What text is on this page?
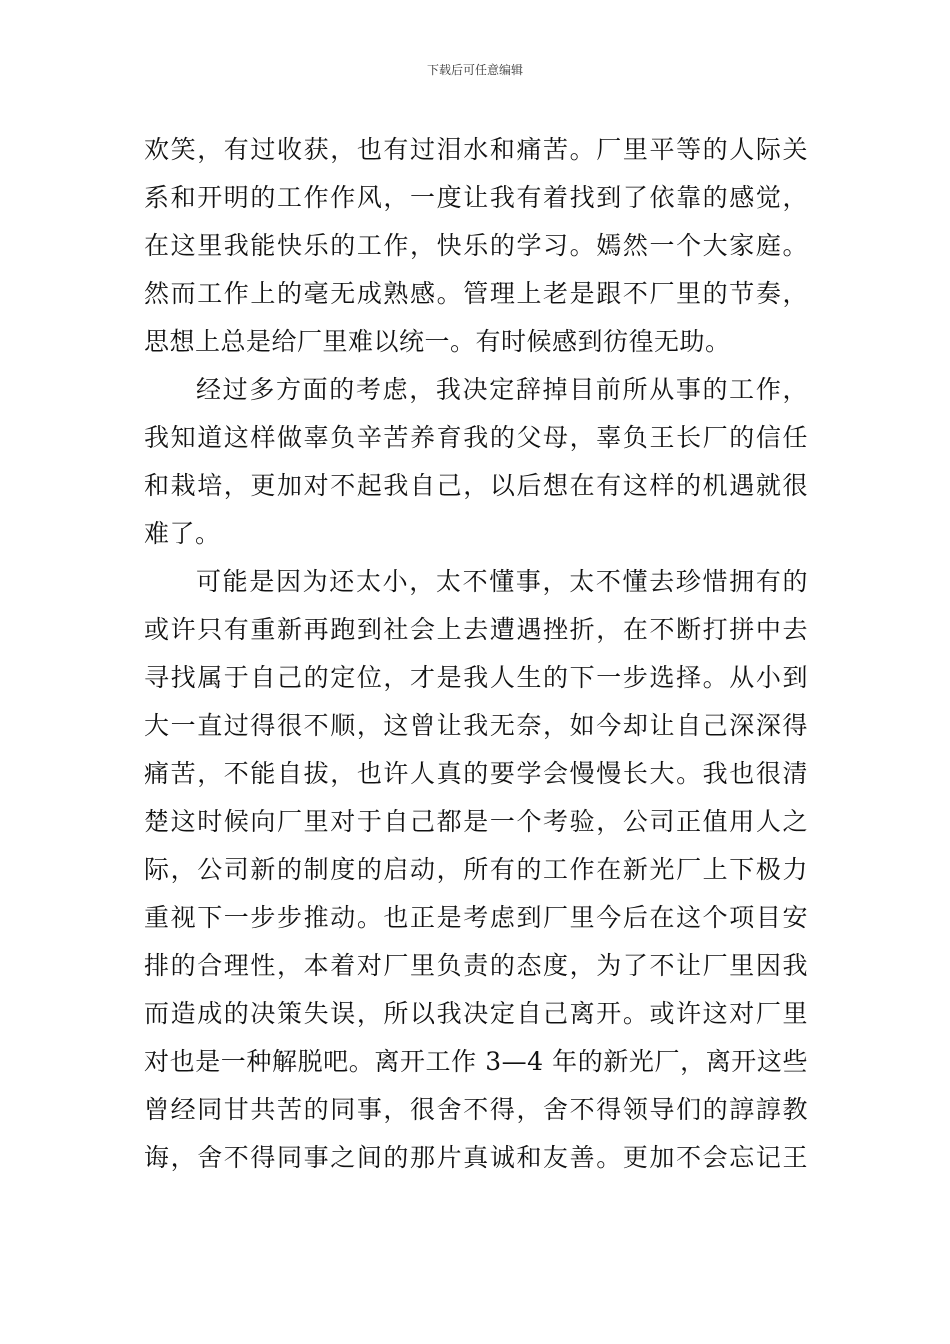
下载后可任意编辑
欢笑，有过收获，也有过泪水和痛苦。厂里平等的人际关
系和开明的工作作风，一度让我有着找到了依靠的感觉，
在这里我能快乐的工作，快乐的学习。嫣然一个大家庭。
然而工作上的毫无成熟感。管理上老是跟不厂里的节奏，
思想上总是给厂里难以统一。有时候感到彷徨无助。
经过多方面的考虑，我决定辞掉目前所从事的工作，
我知道这样做辜负辛苦养育我的父母，辜负王长厂的信任
和栽培，更加对不起我自己，以后想在有这样的机遇就很
难了。
可能是因为还太小，太不懂事，太不懂去珍惜拥有的
或许只有重新再跑到社会上去遭遇挫折，在不断打拼中去
寻找属于自己的定位，才是我人生的下一步选择。从小到
大一直过得很不顺，这曾让我无奈，如今却让自己深深得
痛苦，不能自拔，也许人真的要学会慢慢长大。我也很清
楚这时候向厂里对于自己都是一个考验，公司正值用人之
际，公司新的制度的启动，所有的工作在新光厂上下极力
重视下一步步推动。也正是考虑到厂里今后在这个项目安
排的合理性，本着对厂里负责的态度，为了不让厂里因我
而造成的决策失误，所以我决定自己离开。或许这对厂里
对也是一种解脱吧。离开工作 3—4 年的新光厂，离开这些
曾经同甘共苦的同事，很舍不得，舍不得领导们的諄諄教
诲，舍不得同事之间的那片真诚和友善。更加不会忘记王
